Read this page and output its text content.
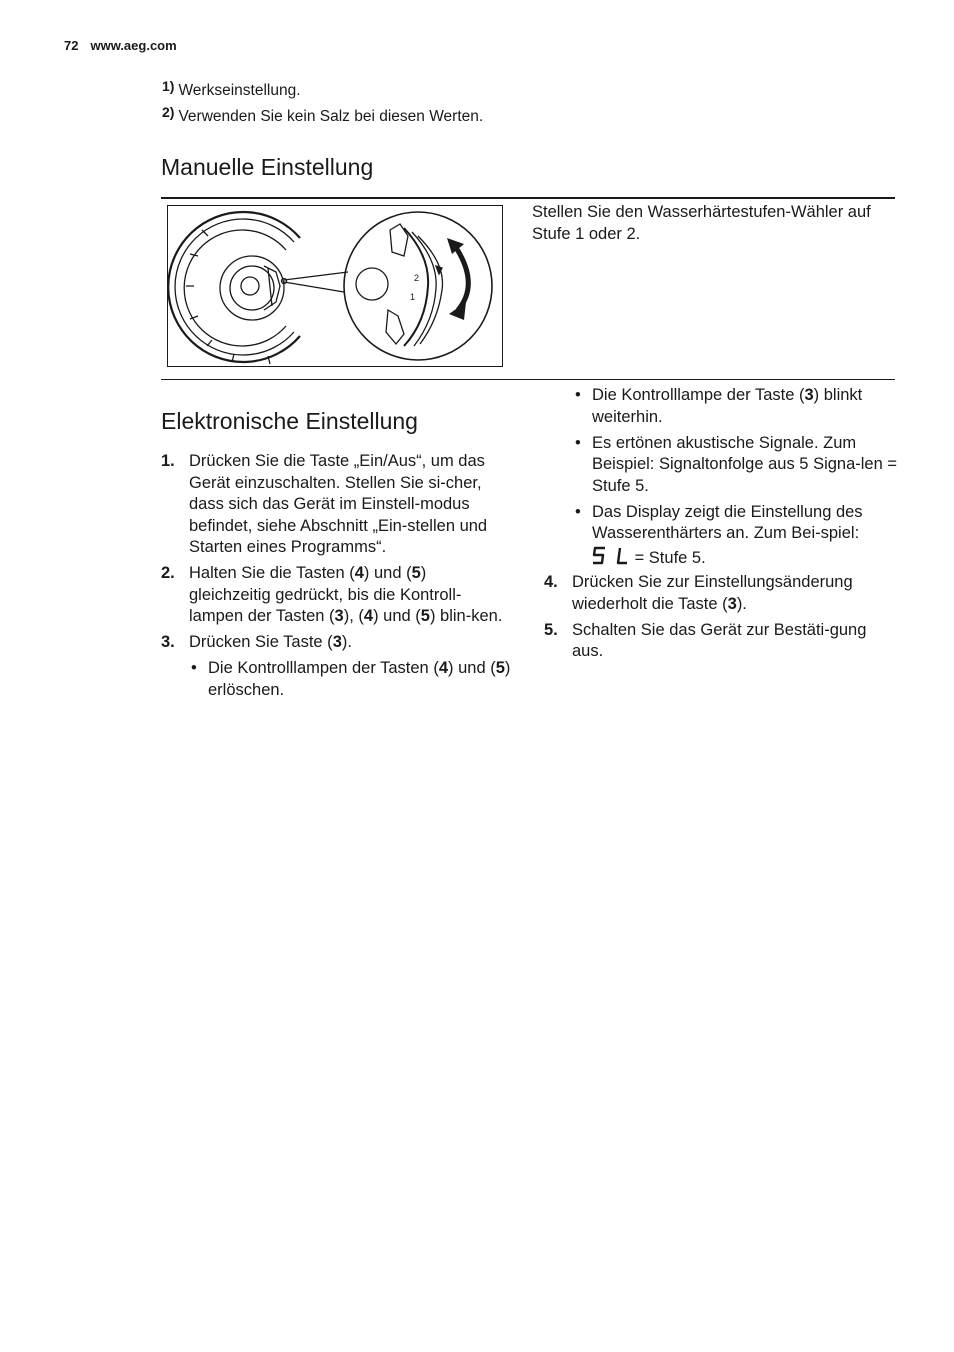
72 www.aeg.com
1) Werkseinstellung.
2) Verwenden Sie kein Salz bei diesen Werten.
Manuelle Einstellung
2
1
Stellen Sie den Wasserhärtestufen-Wähler auf Stufe 1 oder 2.
Elektronische Einstellung
1. Drücken Sie die Taste „Ein/Aus“, um das Gerät einzuschalten. Stellen Sie si-cher, dass sich das Gerät im Einstell-modus befindet, siehe Abschnitt „Ein-stellen und Starten eines Programms“.
2. Halten Sie die Tasten (4) und (5) gleichzeitig gedrückt, bis die Kontroll-lampen der Tasten (3), (4) und (5) blin-ken.
3. Drücken Sie Taste (3).
• Die Kontrolllampen der Tasten (4) und (5) erlöschen.
• Die Kontrolllampe der Taste (3) blinkt weiterhin.
• Es ertönen akustische Signale. Zum Beispiel: Signaltonfolge aus 5 Signa-len = Stufe 5.
• Das Display zeigt die Einstellung des Wasserenthärters an. Zum Bei-spiel:  = Stufe 5.
4. Drücken Sie zur Einstellungsänderung wiederholt die Taste (3).
5. Schalten Sie das Gerät zur Bestäti-gung aus.
